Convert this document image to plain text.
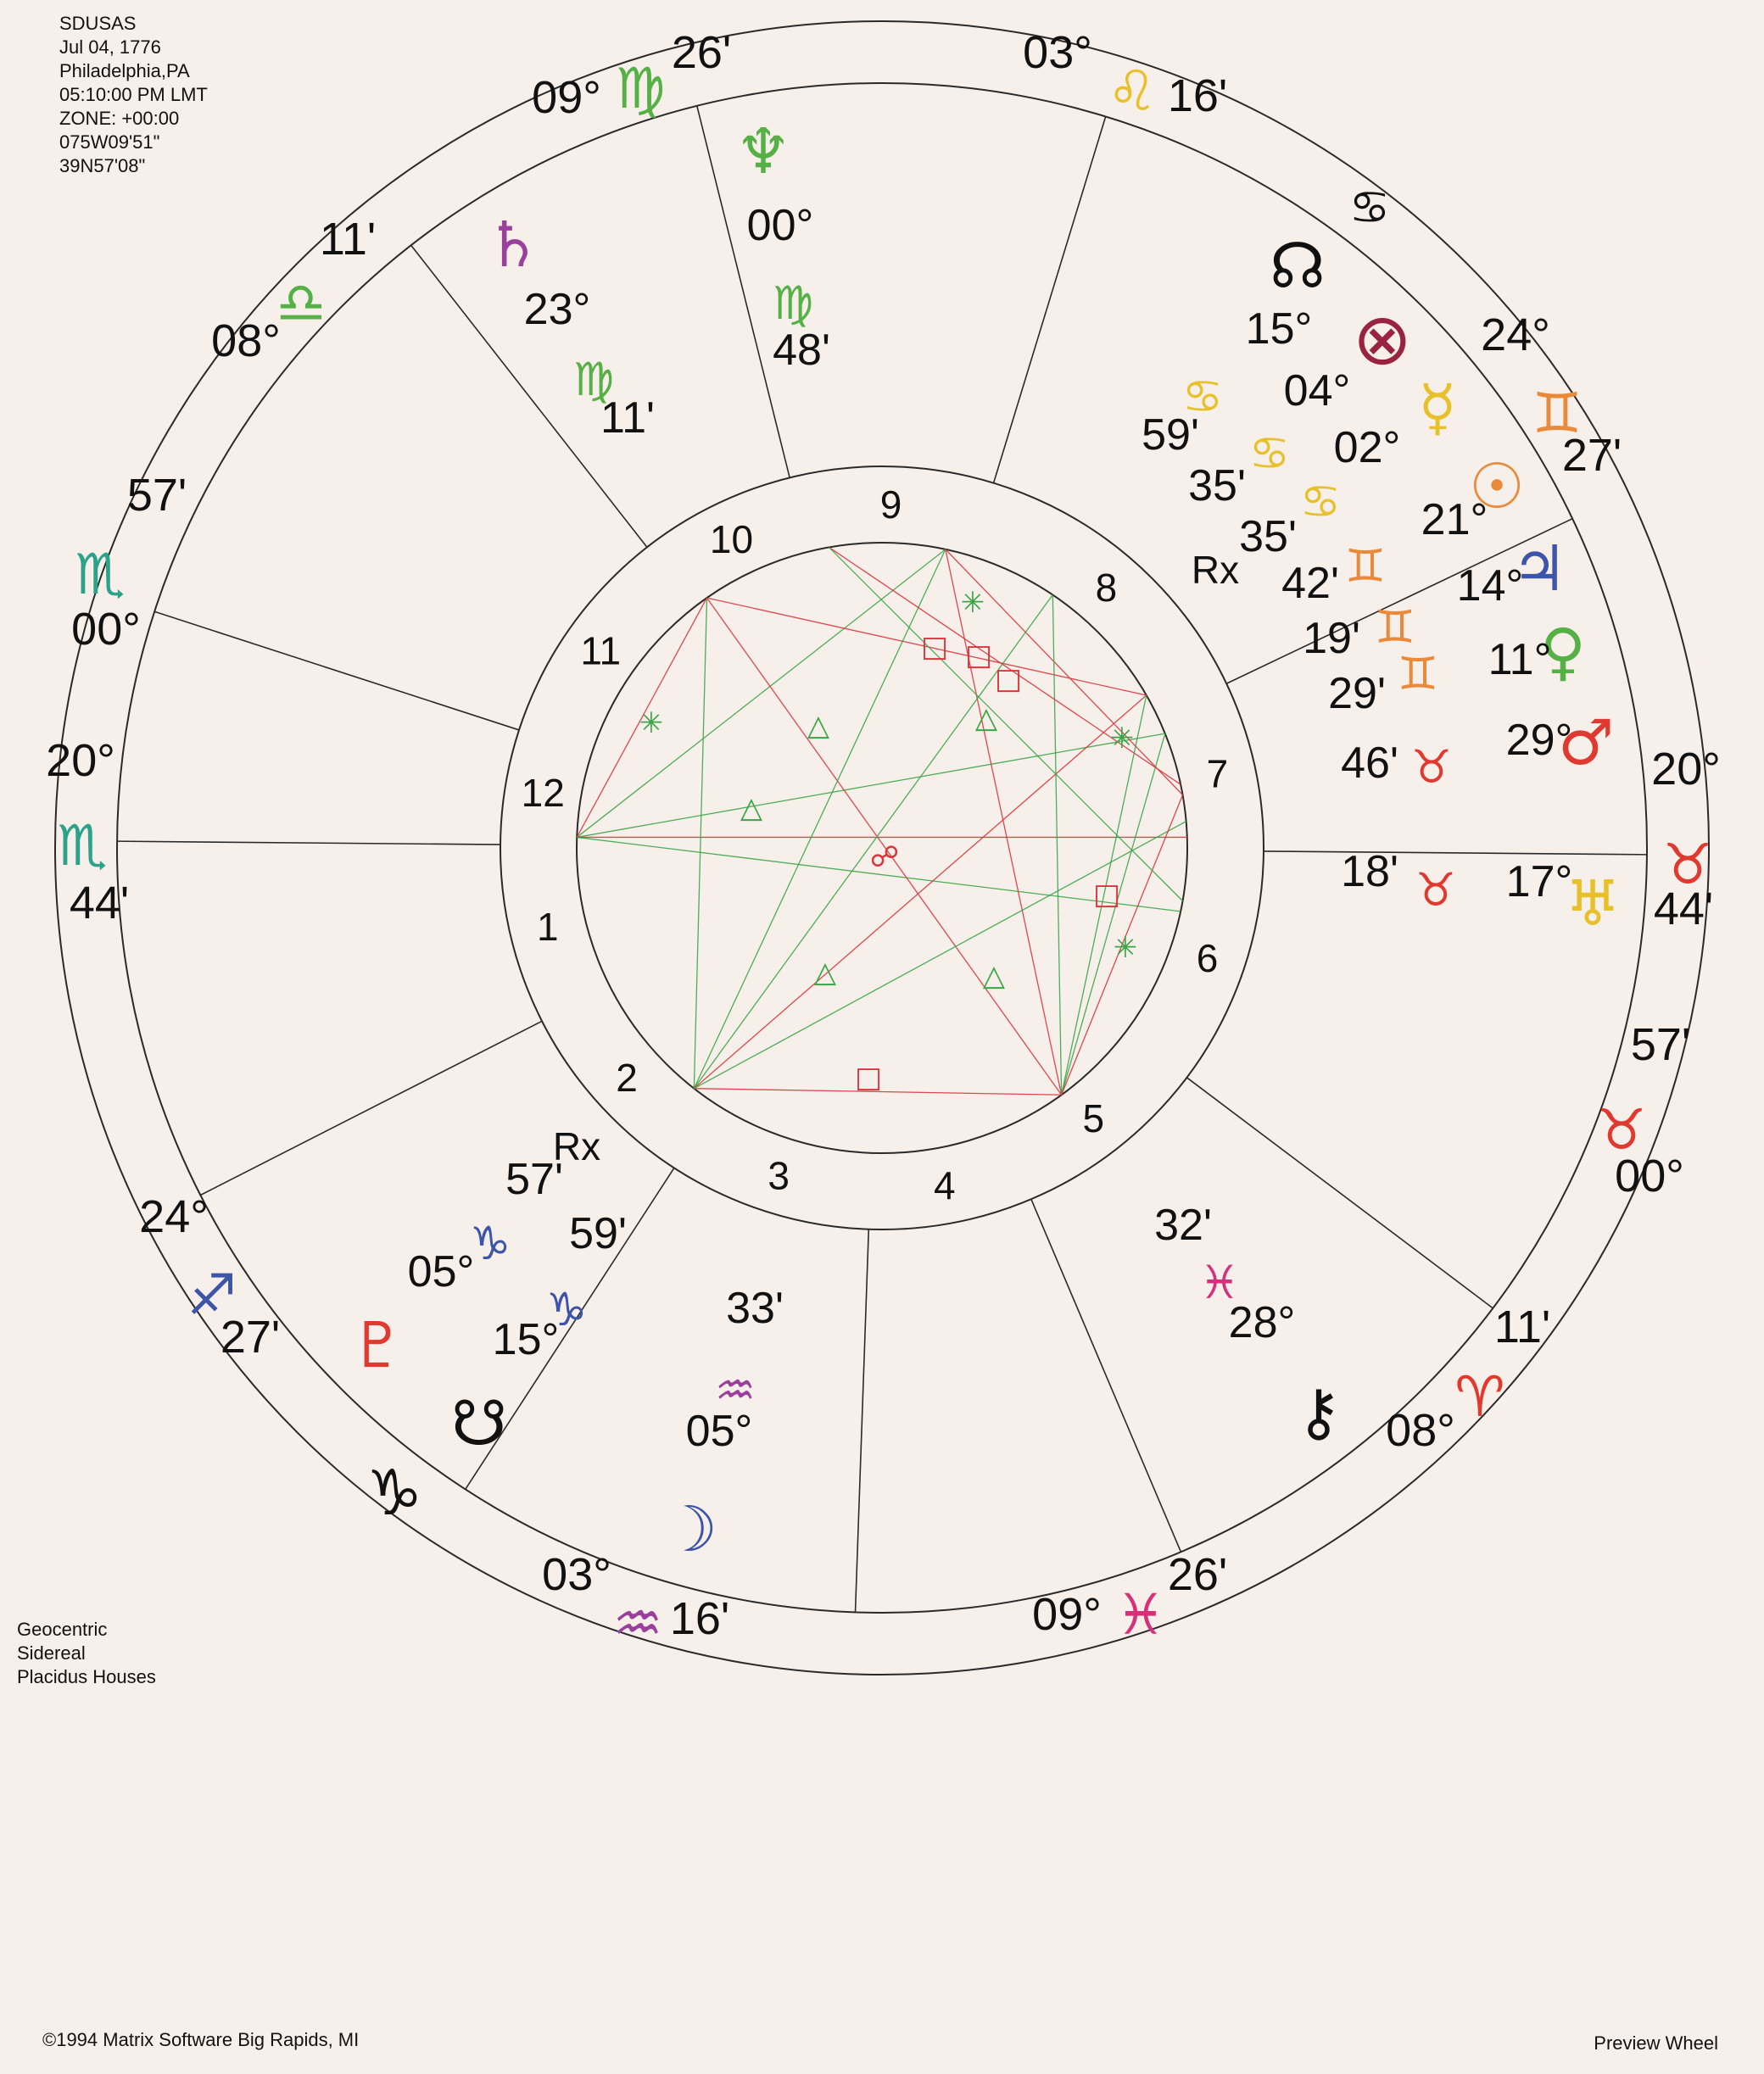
SDUSAS
Jul 04, 1776
Philadelphia,PA
05:10:00 PM LMT
ZONE: +00:00
075W09'51"
39N57'08"
Geocentric
Sidereal
Placidus Houses
©1994 Matrix Software Big Rapids, MI	Preview Wheel
△
△
△
△	△
✳
✳
✳
✳
□ □
□
□
□
☍
1
2
3	4
5
6
7
8
9
10
11
12
20°
♏
44'
00°
♏
57'
08°
♎
11'
09° ♍
26'	03°
♌ 16'
24°
♊
27'
20°
♉
44'
00°
♉
57'
08°
♈
11'
09° ♓
26'
03°
♒ 16'
24°
♐
27'
♆
00°
♍
48'
♄
23°
♍
11'
☊
♋
⊗
15°
♋
59'	☿
04°
♋
35'	☉
02°
♋
35'
Rx	♃
21°
♊
42'
♀
14°
♊
19'
♂
11°
♊
29'
29°
♉
46'
♅
17°
♉
18'
⚷
28°
♓
32'
☽
05°
♒
33'
♇
05°
♑
57'
Rx
☋
15°
♑
59'
♑
